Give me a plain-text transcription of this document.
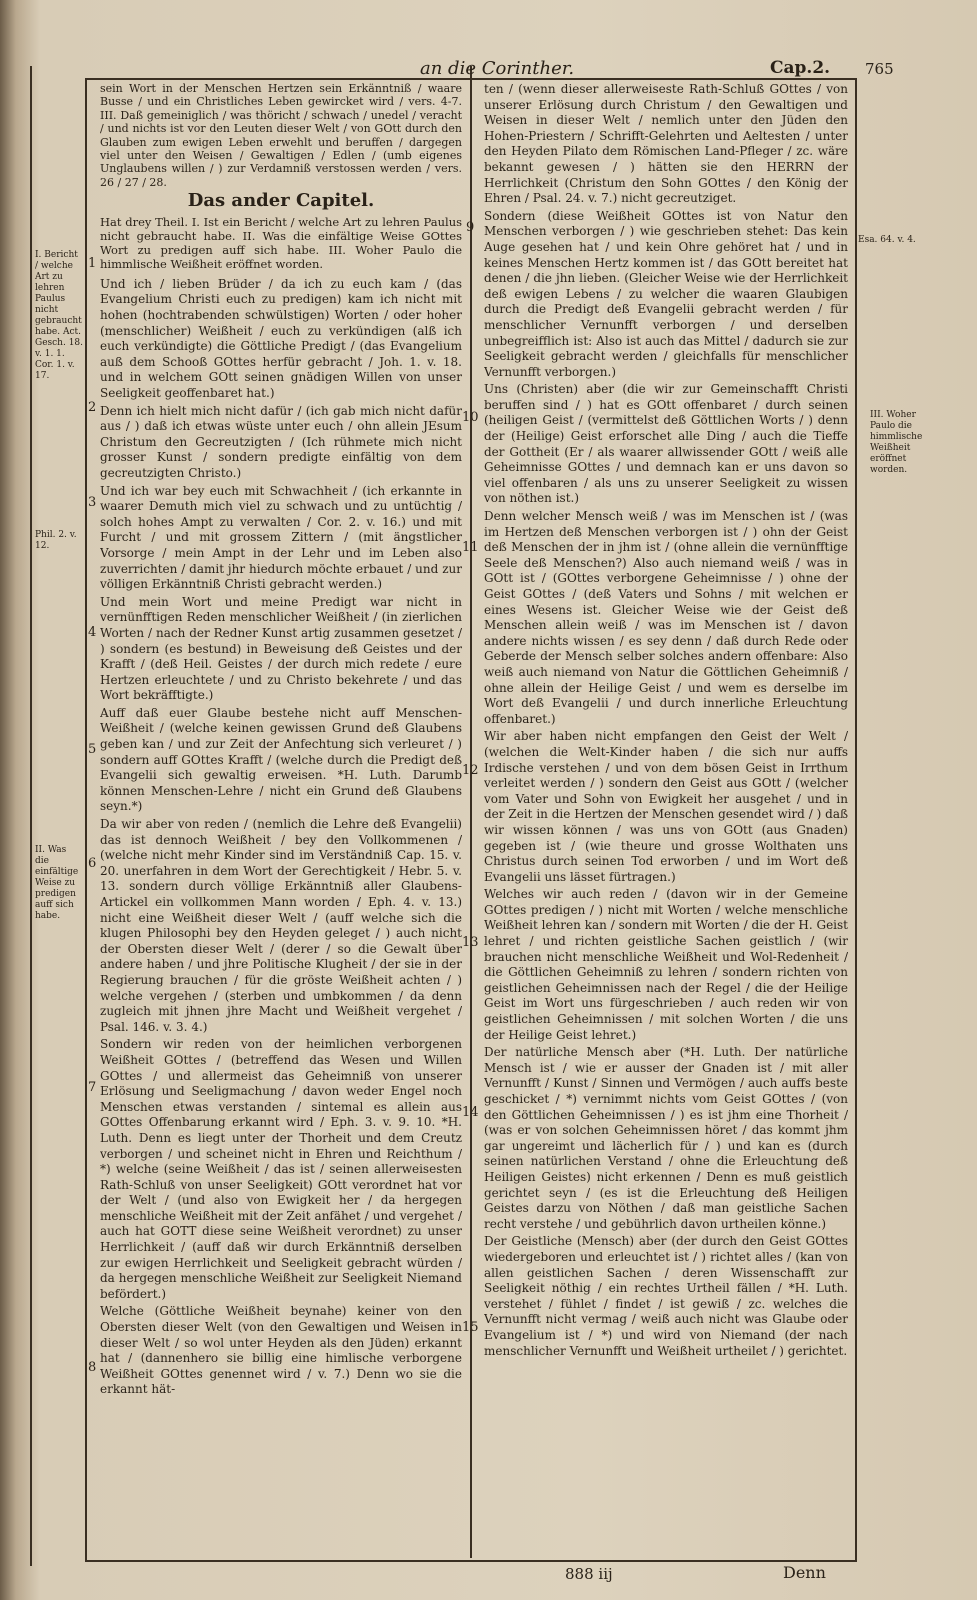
an die Corinther.	Cap.2. 765
I. Bericht / welche Art zu lehren Paulus nicht gebraucht habe. Act. Gesch. 18. v. 1. 1. Cor. 1. v. 17.
Phil. 2. v. 12.
II. Was die einfältige Weise zu predigen auff sich habe.
Esa. 64. v. 4.
III. Woher Paulo die himmlische Weißheit eröffnet worden.
1
2
3
4
5
6
7
8
9
10
11
12
13
14
15

sein Wort in der Menschen Hertzen sein Erkänntniß / waare Busse / und ein Christliches Leben gewircket wird / vers. 4-7. III. Daß gemeiniglich / was thöricht / schwach / unedel / veracht / und nichts ist vor den Leuten dieser Welt / von GOtt durch den Glauben zum ewigen Leben erwehlt und beruffen / dargegen viel unter den Weisen / Gewaltigen / Edlen / (umb eigenes Unglaubens willen / ) zur Verdamniß verstossen werden / vers. 26 / 27 / 28.

Das ander Capitel.

Hat drey Theil. I. Ist ein Bericht / welche Art zu lehren Paulus nicht gebraucht habe. II. Was die einfältige Weise GOttes Wort zu predigen auff sich habe. III. Woher Paulo die himmlische Weißheit eröffnet worden.

Und ich / lieben Brüder / da ich zu euch kam / (das Evangelium Christi euch zu predigen) kam ich nicht mit hohen (hochtrabenden schwülstigen) Worten / oder hoher (menschlicher) Weißheit / euch zu verkündigen (alß ich euch verkündigte) die Göttliche Predigt / (das Evangelium auß dem Schooß GOttes herfür gebracht / Joh. 1. v. 18. und in welchem GOtt seinen gnädigen Willen von unser Seeligkeit geoffenbaret hat.)

Denn ich hielt mich nicht dafür / (ich gab mich nicht dafür aus / ) daß ich etwas wüste unter euch / ohn allein JEsum Christum den Gecreutzigten / (Ich rühmete mich nicht grosser Kunst / sondern predigte einfältig von dem gecreutzigten Christo.)

Und ich war bey euch mit Schwachheit / (ich erkannte in waarer Demuth mich viel zu schwach und zu untüchtig / solch hohes Ampt zu verwalten / Cor. 2. v. 16.) und mit Furcht / und mit grossem Zittern / (mit ängstlicher Vorsorge / mein Ampt in der Lehr und im Leben also zuverrichten / damit jhr hiedurch möchte erbauet / und zur völligen Erkänntniß Christi gebracht werden.)

Und mein Wort und meine Predigt war nicht in vernünfftigen Reden menschlicher Weißheit / (in zierlichen Worten / nach der Redner Kunst artig zusammen gesetzet / ) sondern (es bestund) in Beweisung deß Geistes und der Krafft / (deß Heil. Geistes / der durch mich redete / eure Hertzen erleuchtete / und zu Christo bekehrete / und das Wort bekräfftigte.)

Auff daß euer Glaube bestehe nicht auff Menschen-Weißheit / (welche keinen gewissen Grund deß Glaubens geben kan / und zur Zeit der Anfechtung sich verleuret / ) sondern auff GOttes Krafft / (welche durch die Predigt deß Evangelii sich gewaltig erweisen. *H. Luth. Darumb können Menschen-Lehre / nicht ein Grund deß Glaubens seyn.*)

Da wir aber von reden / (nemlich die Lehre deß Evangelii) das ist dennoch Weißheit / bey den Vollkommenen / (welche nicht mehr Kinder sind im Verständniß Cap. 15. v. 20. unerfahren in dem Wort der Gerechtigkeit / Hebr. 5. v. 13. sondern durch völlige Erkänntniß aller Glaubens-Artickel ein vollkommen Mann worden / Eph. 4. v. 13.) nicht eine Weißheit dieser Welt / (auff welche sich die klugen Philosophi bey den Heyden geleget / ) auch nicht der Obersten dieser Welt / (derer / so die Gewalt über andere haben / und jhre Politische Klugheit / der sie in der Regierung brauchen / für die gröste Weißheit achten / ) welche vergehen / (sterben und umbkommen / da denn zugleich mit jhnen jhre Macht und Weißheit vergehet / Psal. 146. v. 3. 4.)

Sondern wir reden von der heimlichen verborgenen Weißheit GOttes / (betreffend das Wesen und Willen GOttes / und allermeist das Geheimniß von unserer Erlösung und Seeligmachung / davon weder Engel noch Menschen etwas verstanden / sintemal es allein aus GOttes Offenbarung erkannt wird / Eph. 3. v. 9. 10. *H. Luth. Denn es liegt unter der Thorheit und dem Creutz verborgen / und scheinet nicht in Ehren und Reichthum / *) welche (seine Weißheit / das ist / seinen allerweisesten Rath-Schluß von unser Seeligkeit) GOtt verordnet hat vor der Welt / (und also von Ewigkeit her / da hergegen menschliche Weißheit mit der Zeit anfähet / und vergehet / auch hat GOTT diese seine Weißheit verordnet) zu unser Herrlichkeit / (auff daß wir durch Erkänntniß derselben zur ewigen Herrlichkeit und Seeligkeit gebracht würden / da hergegen menschliche Weißheit zur Seeligkeit Niemand befördert.)

Welche (Göttliche Weißheit beynahe) keiner von den Obersten dieser Welt (von den Gewaltigen und Weisen in dieser Welt / so wol unter Heyden als den Jüden) erkannt hat / (dannenhero sie billig eine himlische verborgene Weißheit GOttes genennet wird / v. 7.) Denn wo sie die erkannt hät-

ten / (wenn dieser allerweiseste Rath-Schluß GOttes / von unserer Erlösung durch Christum / den Gewaltigen und Weisen in dieser Welt / nemlich unter den Jüden den Hohen-Priestern / Schrifft-Gelehrten und Aeltesten / unter den Heyden Pilato dem Römischen Land-Pfleger / zc. wäre bekannt gewesen / ) hätten sie den HERRN der Herrlichkeit (Christum den Sohn GOttes / den König der Ehren / Psal. 24. v. 7.) nicht gecreutziget.

Sondern (diese Weißheit GOttes ist von Natur den Menschen verborgen / ) wie geschrieben stehet: Das kein Auge gesehen hat / und kein Ohre gehöret hat / und in keines Menschen Hertz kommen ist / das GOtt bereitet hat denen / die jhn lieben. (Gleicher Weise wie der Herrlichkeit deß ewigen Lebens / zu welcher die waaren Glaubigen durch die Predigt deß Evangelii gebracht werden / für menschlicher Vernunfft verborgen / und derselben unbegreifflich ist: Also ist auch das Mittel / dadurch sie zur Seeligkeit gebracht werden / gleichfalls für menschlicher Vernunfft verborgen.)

Uns (Christen) aber (die wir zur Gemeinschafft Christi beruffen sind / ) hat es GOtt offenbaret / durch seinen (heiligen Geist / (vermittelst deß Göttlichen Worts / ) denn der (Heilige) Geist erforschet alle Ding / auch die Tieffe der Gottheit (Er / als waarer allwissender GOtt / weiß alle Geheimnisse GOttes / und demnach kan er uns davon so viel offenbaren / als uns zu unserer Seeligkeit zu wissen von nöthen ist.)

Denn welcher Mensch weiß / was im Menschen ist / (was im Hertzen deß Menschen verborgen ist / ) ohn der Geist deß Menschen der in jhm ist / (ohne allein die vernünfftige Seele deß Menschen?) Also auch niemand weiß / was in GOtt ist / (GOttes verborgene Geheimnisse / ) ohne der Geist GOttes / (deß Vaters und Sohns / mit welchen er eines Wesens ist. Gleicher Weise wie der Geist deß Menschen allein weiß / was im Menschen ist / davon andere nichts wissen / es sey denn / daß durch Rede oder Geberde der Mensch selber solches andern offenbare: Also weiß auch niemand von Natur die Göttlichen Geheimniß / ohne allein der Heilige Geist / und wem es derselbe im Wort deß Evangelii / und durch innerliche Erleuchtung offenbaret.)

Wir aber haben nicht empfangen den Geist der Welt / (welchen die Welt-Kinder haben / die sich nur auffs Irdische verstehen / und von dem bösen Geist in Irrthum verleitet werden / ) sondern den Geist aus GOtt / (welcher vom Vater und Sohn von Ewigkeit her ausgehet / und in der Zeit in die Hertzen der Menschen gesendet wird / ) daß wir wissen können / was uns von GOtt (aus Gnaden) gegeben ist / (wie theure und grosse Wolthaten uns Christus durch seinen Tod erworben / und im Wort deß Evangelii uns lässet fürtragen.)

Welches wir auch reden / (davon wir in der Gemeine GOttes predigen / ) nicht mit Worten / welche menschliche Weißheit lehren kan / sondern mit Worten / die der H. Geist lehret / und richten geistliche Sachen geistlich / (wir brauchen nicht menschliche Weißheit und Wol-Redenheit / die Göttlichen Geheimniß zu lehren / sondern richten von geistlichen Geheimnissen nach der Regel / die der Heilige Geist im Wort uns fürgeschrieben / auch reden wir von geistlichen Geheimnissen / mit solchen Worten / die uns der Heilige Geist lehret.)

Der natürliche Mensch aber (*H. Luth. Der natürliche Mensch ist / wie er ausser der Gnaden ist / mit aller Vernunfft / Kunst / Sinnen und Vermögen / auch auffs beste geschicket / *) vernimmt nichts vom Geist GOttes / (von den Göttlichen Geheimnissen / ) es ist jhm eine Thorheit / (was er von solchen Geheimnissen höret / das kommt jhm gar ungereimt und lächerlich für / ) und kan es (durch seinen natürlichen Verstand / ohne die Erleuchtung deß Heiligen Geistes) nicht erkennen / Denn es muß geistlich gerichtet seyn / (es ist die Erleuchtung deß Heiligen Geistes darzu von Nöthen / daß man geistliche Sachen recht verstehe / und gebührlich davon urtheilen könne.)

Der Geistliche (Mensch) aber (der durch den Geist GOttes wiedergeboren und erleuchtet ist / ) richtet alles / (kan von allen geistlichen Sachen / deren Wissenschafft zur Seeligkeit nöthig / ein rechtes Urtheil fällen / *H. Luth. verstehet / fühlet / findet / ist gewiß / zc. welches die Vernunfft nicht vermag / weiß auch nicht was Glaube oder Evangelium ist / *) und wird von Niemand (der nach menschlicher Vernunfft und Weißheit urtheilet / ) gerichtet.

888 iij	Denn
